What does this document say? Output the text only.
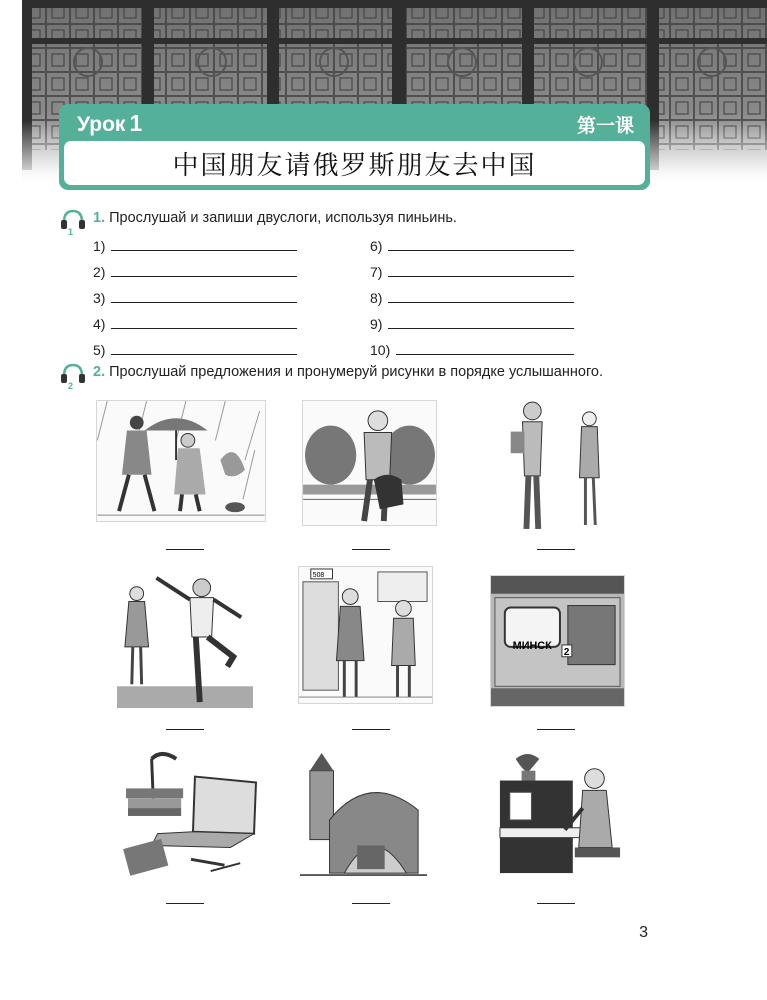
Урок 1	第一课
中国朋友请俄罗斯朋友去中国
1
1. Прослушай и запиши двуслоги, используя пиньинь.
1)
2)
3)
4)
5)
6)
7)
8)
9)
10)
2
2. Прослушай предложения и пронумеруй рисунки в порядке услышанного.
508
МИНСК
2
3
